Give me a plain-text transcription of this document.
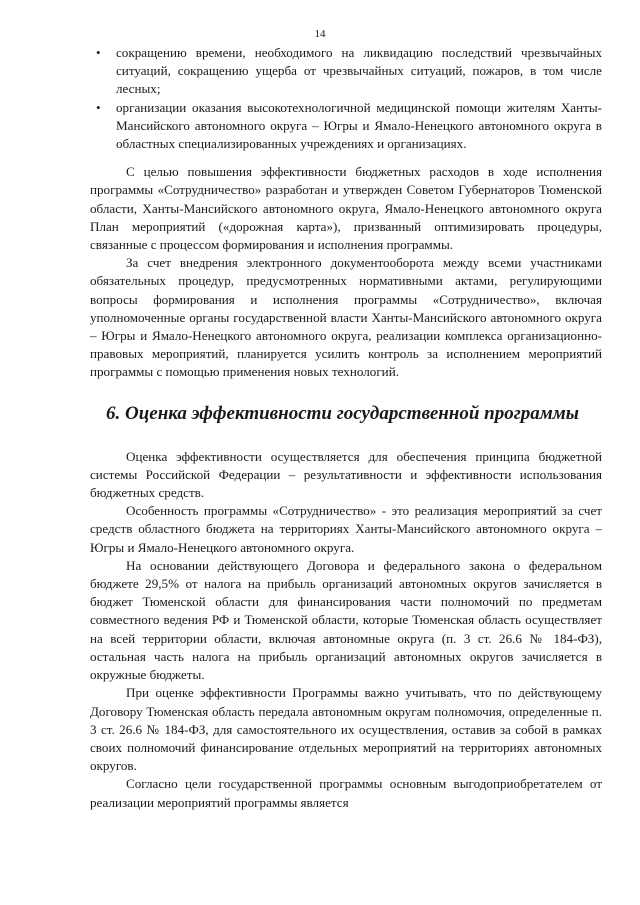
14
• сокращению времени, необходимого на ликвидацию последствий чрезвычайных ситуаций, сокращению ущерба от чрезвычайных ситуаций, пожаров, в том числе лесных;
• организации оказания высокотехнологичной медицинской помощи жителям Ханты-Мансийского автономного округа – Югры и Ямало-Ненецкого автономного округа в областных специализированных учреждениях и организациях.

С целью повышения эффективности бюджетных расходов в ходе исполнения программы «Сотрудничество» разработан и утвержден Советом Губернаторов Тюменской области, Ханты-Мансийского автономного округа, Ямало-Ненецкого автономного округа План мероприятий («дорожная карта»), призванный оптимизировать процедуры, связанные с процессом формирования и исполнения программы.

За счет внедрения электронного документооборота между всеми участниками обязательных процедур, предусмотренных нормативными актами, регулирующими вопросы формирования и исполнения программы «Сотрудничество», включая уполномоченные органы государственной власти Ханты-Мансийского автономного округа – Югры и Ямало-Ненецкого автономного округа, реализации комплекса организационно-правовых мероприятий, планируется усилить контроль за исполнением мероприятий программы с помощью применения новых технологий.

6. Оценка эффективности государственной программы

Оценка эффективности осуществляется для обеспечения принципа бюджетной системы Российской Федерации – результативности и эффективности использования бюджетных средств.

Особенность программы «Сотрудничество» - это реализация мероприятий за счет средств областного бюджета на территориях Ханты-Мансийского автономного округа – Югры и Ямало-Ненецкого автономного округа.

На основании действующего Договора и федерального закона о федеральном бюджете 29,5% от налога на прибыль организаций автономных округов зачисляется в бюджет Тюменской области для финансирования части полномочий по предметам совместного ведения РФ и Тюменской области, которые Тюменская область осуществляет на всей территории области, включая автономные округа (п. 3 ст. 26.6 № 184-ФЗ), остальная часть налога на прибыль организаций автономных округов зачисляется в окружные бюджеты.

При оценке эффективности Программы важно учитывать, что по действующему Договору Тюменская область передала автономным округам полномочия, определенные п. 3 ст. 26.6 № 184-ФЗ, для самостоятельного их осуществления, оставив за собой в рамках своих полномочий финансирование отдельных мероприятий на территориях автономных округов.

Согласно цели государственной программы основным выгодоприобретателем от реализации мероприятий программы является
